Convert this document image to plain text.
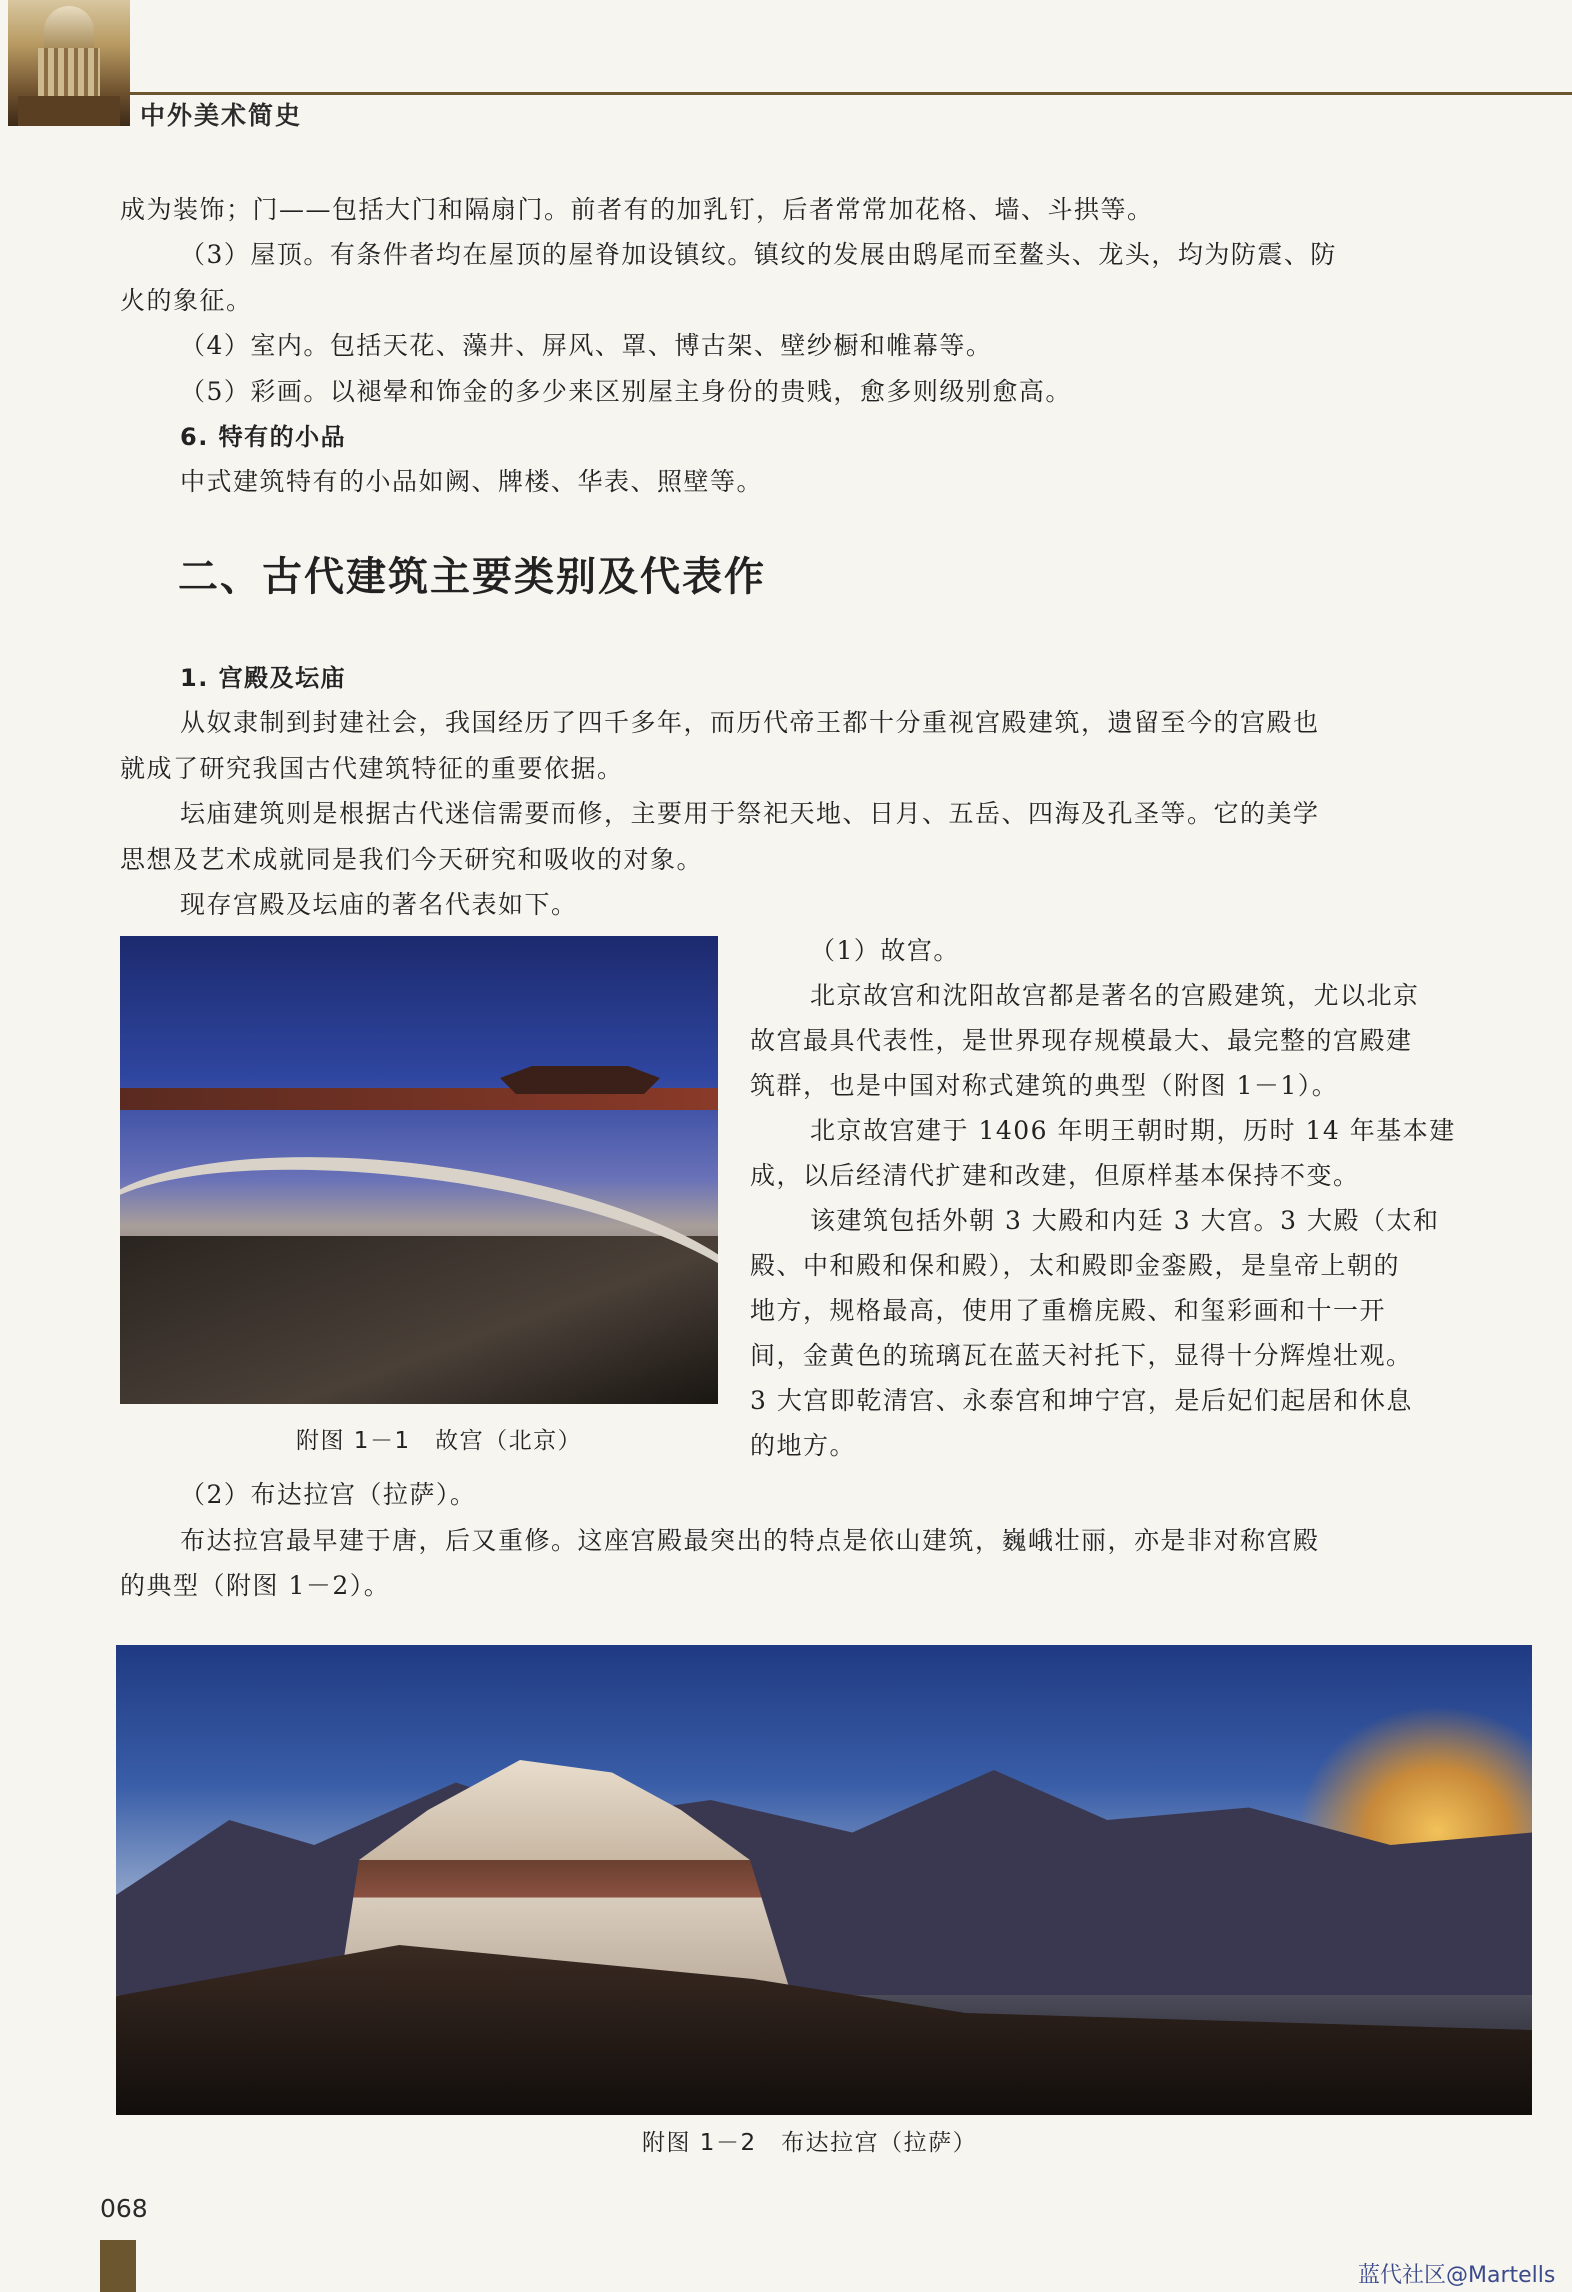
中外美术简史
成为装饰；门——包括大门和隔扇门。前者有的加乳钉，后者常常加花格、墙、斗拱等。
（3）屋顶。有条件者均在屋顶的屋脊加设镇纹。镇纹的发展由鸱尾而至鳌头、龙头，均为防震、防
火的象征。
（4）室内。包括天花、藻井、屏风、罩、博古架、壁纱橱和帷幕等。
（5）彩画。以褪晕和饰金的多少来区别屋主身份的贵贱，愈多则级别愈高。
6. 特有的小品
中式建筑特有的小品如阙、牌楼、华表、照壁等。
二、古代建筑主要类别及代表作
1. 宫殿及坛庙
从奴隶制到封建社会，我国经历了四千多年，而历代帝王都十分重视宫殿建筑，遗留至今的宫殿也
就成了研究我国古代建筑特征的重要依据。
坛庙建筑则是根据古代迷信需要而修，主要用于祭祀天地、日月、五岳、四海及孔圣等。它的美学
思想及艺术成就同是我们今天研究和吸收的对象。
现存宫殿及坛庙的著名代表如下。
附图 1－1　故宫（北京）
（1）故宫。
北京故宫和沈阳故宫都是著名的宫殿建筑，尤以北京
故宫最具代表性，是世界现存规模最大、最完整的宫殿建
筑群，也是中国对称式建筑的典型（附图 1－1）。
北京故宫建于 1406 年明王朝时期，历时 14 年基本建
成，以后经清代扩建和改建，但原样基本保持不变。
该建筑包括外朝 3 大殿和内廷 3 大宫。3 大殿（太和
殿、中和殿和保和殿），太和殿即金銮殿，是皇帝上朝的
地方，规格最高，使用了重檐庑殿、和玺彩画和十一开
间，金黄色的琉璃瓦在蓝天衬托下，显得十分辉煌壮观。
3 大宫即乾清宫、永泰宫和坤宁宫，是后妃们起居和休息
的地方。
（2）布达拉宫（拉萨）。
布达拉宫最早建于唐，后又重修。这座宫殿最突出的特点是依山建筑，巍峨壮丽，亦是非对称宫殿
的典型（附图 1－2）。
附图 1－2　布达拉宫（拉萨）
068
蓝代社区@Martells
